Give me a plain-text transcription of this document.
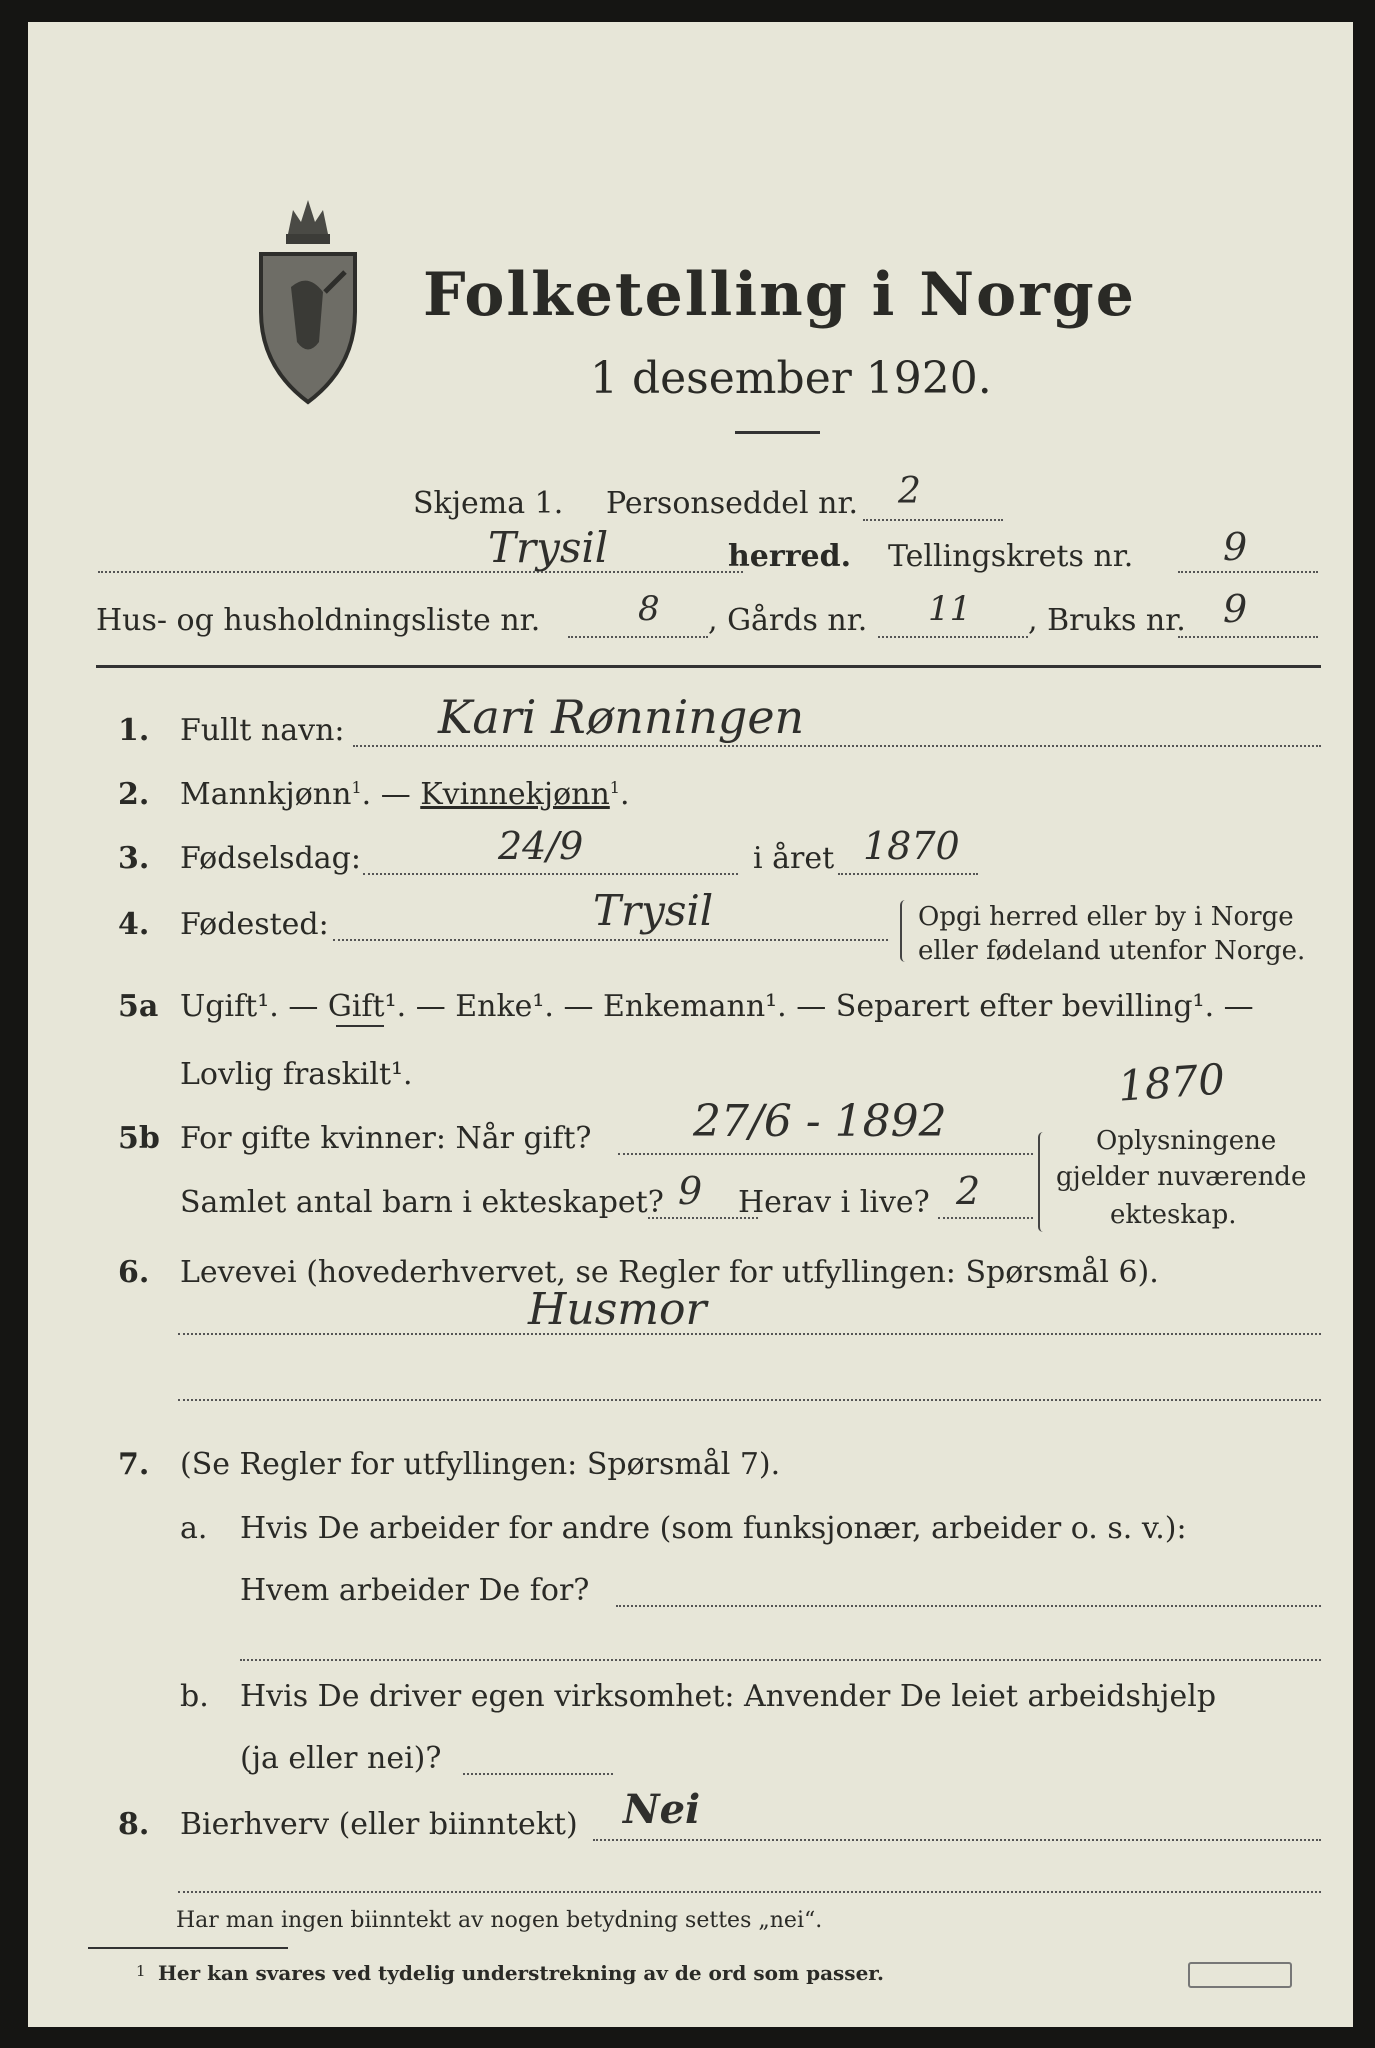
Folketelling i Norge
1 desember 1920.
Skjema 1. Personseddel nr. 2
Trysil	herred. Tellingskrets nr. 9
Hus- og husholdningsliste nr.	8 , Gårds nr. 11 , Bruks nr. 9
1. Fullt navn: Kari Rønningen
2. Mannkjønn$^1$. — Kvinnekjønn$^1$.
3. Fødselsdag:	24/9	i året 1870
4. Fødested:	Trysil	Opgi herred eller by i Norge
eller fødeland utenfor Norge.
5a Ugift¹. — Gift¹. — Enke¹. — Enkemann¹. — Separert efter bevilling¹. —
Lovlig fraskilt¹.	1870
5b For gifte kvinner: Når gift? 27/6 - 1892
Samlet antal barn i ekteskapet? 9 Herav i live? 2
Oplysningene
gjelder nuværende
ekteskap.
6. Levevei (hovederhvervet, se Regler for utfyllingen: Spørsmål 6).
Husmor
7. (Se Regler for utfyllingen: Spørsmål 7).
a. Hvis De arbeider for andre (som funksjonær, arbeider o. s. v.):
Hvem arbeider De for?
b. Hvis De driver egen virksomhet: Anvender De leiet arbeidshjelp
(ja eller nei)?
8. Bierhverv (eller biinntekt) Nei
Har man ingen biinntekt av nogen betydning settes „nei“.
1 Her kan svares ved tydelig understrekning av de ord som passer.
